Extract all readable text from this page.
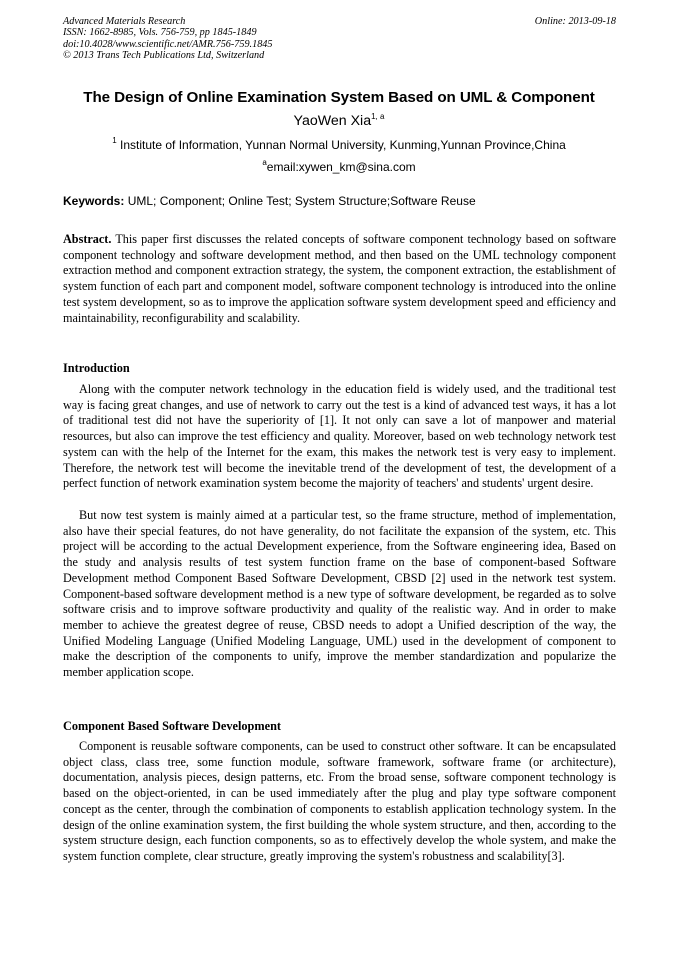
Advanced Materials Research
ISSN: 1662-8985, Vols. 756-759, pp 1845-1849
doi:10.4028/www.scientific.net/AMR.756-759.1845
© 2013 Trans Tech Publications Ltd, Switzerland
Online: 2013-09-18
The Design of Online Examination System Based on UML & Component
YaoWen Xia$^{1, a}$
$^1$ Institute of Information, Yunnan Normal University, Kunming,Yunnan Province,China
$^a$email:xywen_km@sina.com
Keywords: UML; Component; Online Test; System Structure;Software Reuse

Abstract. This paper first discusses the related concepts of software component technology based on software component technology and software development method, and then based on the UML technology component extraction method and component extraction strategy, the system, the component extraction, the establishment of system function of each part and component model, software component technology is introduced into the online test system development, so as to improve the application software system development speed and efficiency and maintainability, reconfigurability and scalability.

Introduction

Along with the computer network technology in the education field is widely used, and the traditional test way is facing great changes, and use of network to carry out the test is a kind of advanced test ways, it has a lot of traditional test did not have the superiority of [1]. It not only can save a lot of manpower and material resources, but also can improve the test efficiency and quality. Moreover, based on web technology network test system can with the help of the Internet for the exam, this makes the network test is very easy to implement. Therefore, the network test will become the inevitable trend of the development of test, the development of a perfect function of network examination system become the majority of teachers' and students' urgent desire.

But now test system is mainly aimed at a particular test, so the frame structure, method of implementation, also have their special features, do not have generality, do not facilitate the expansion of the system, etc. This project will be according to the actual Development experience, from the Software engineering idea, Based on the study and analysis results of test system function frame on the base of component-based Software Development method Component Based Software Development, CBSD [2] used in the network test system. Component-based software development method is a new type of software development, be regarded as to solve software crisis and to improve software productivity and quality of the realistic way. And in order to make member to achieve the greatest degree of reuse, CBSD needs to adopt a Unified description of the way, the Unified Modeling Language (Unified Modeling Language, UML) used in the development of component to make the description of the components to unify, improve the member standardization and popularize the member application scope.

Component Based Software Development

Component is reusable software components, can be used to construct other software. It can be encapsulated object class, class tree, some function module, software framework, software frame (or architecture), documentation, analysis pieces, design patterns, etc. From the broad sense, software component technology is based on the object-oriented, in can be used immediately after the plug and play type software component concept as the center, through the combination of components to establish application technology system. In the design of the online examination system, the first building the whole system structure, and then, according to the system structure design, each function components, so as to effectively develop the whole system, and make the system function complete, clear structure, greatly improving the system's robustness and scalability[3].
